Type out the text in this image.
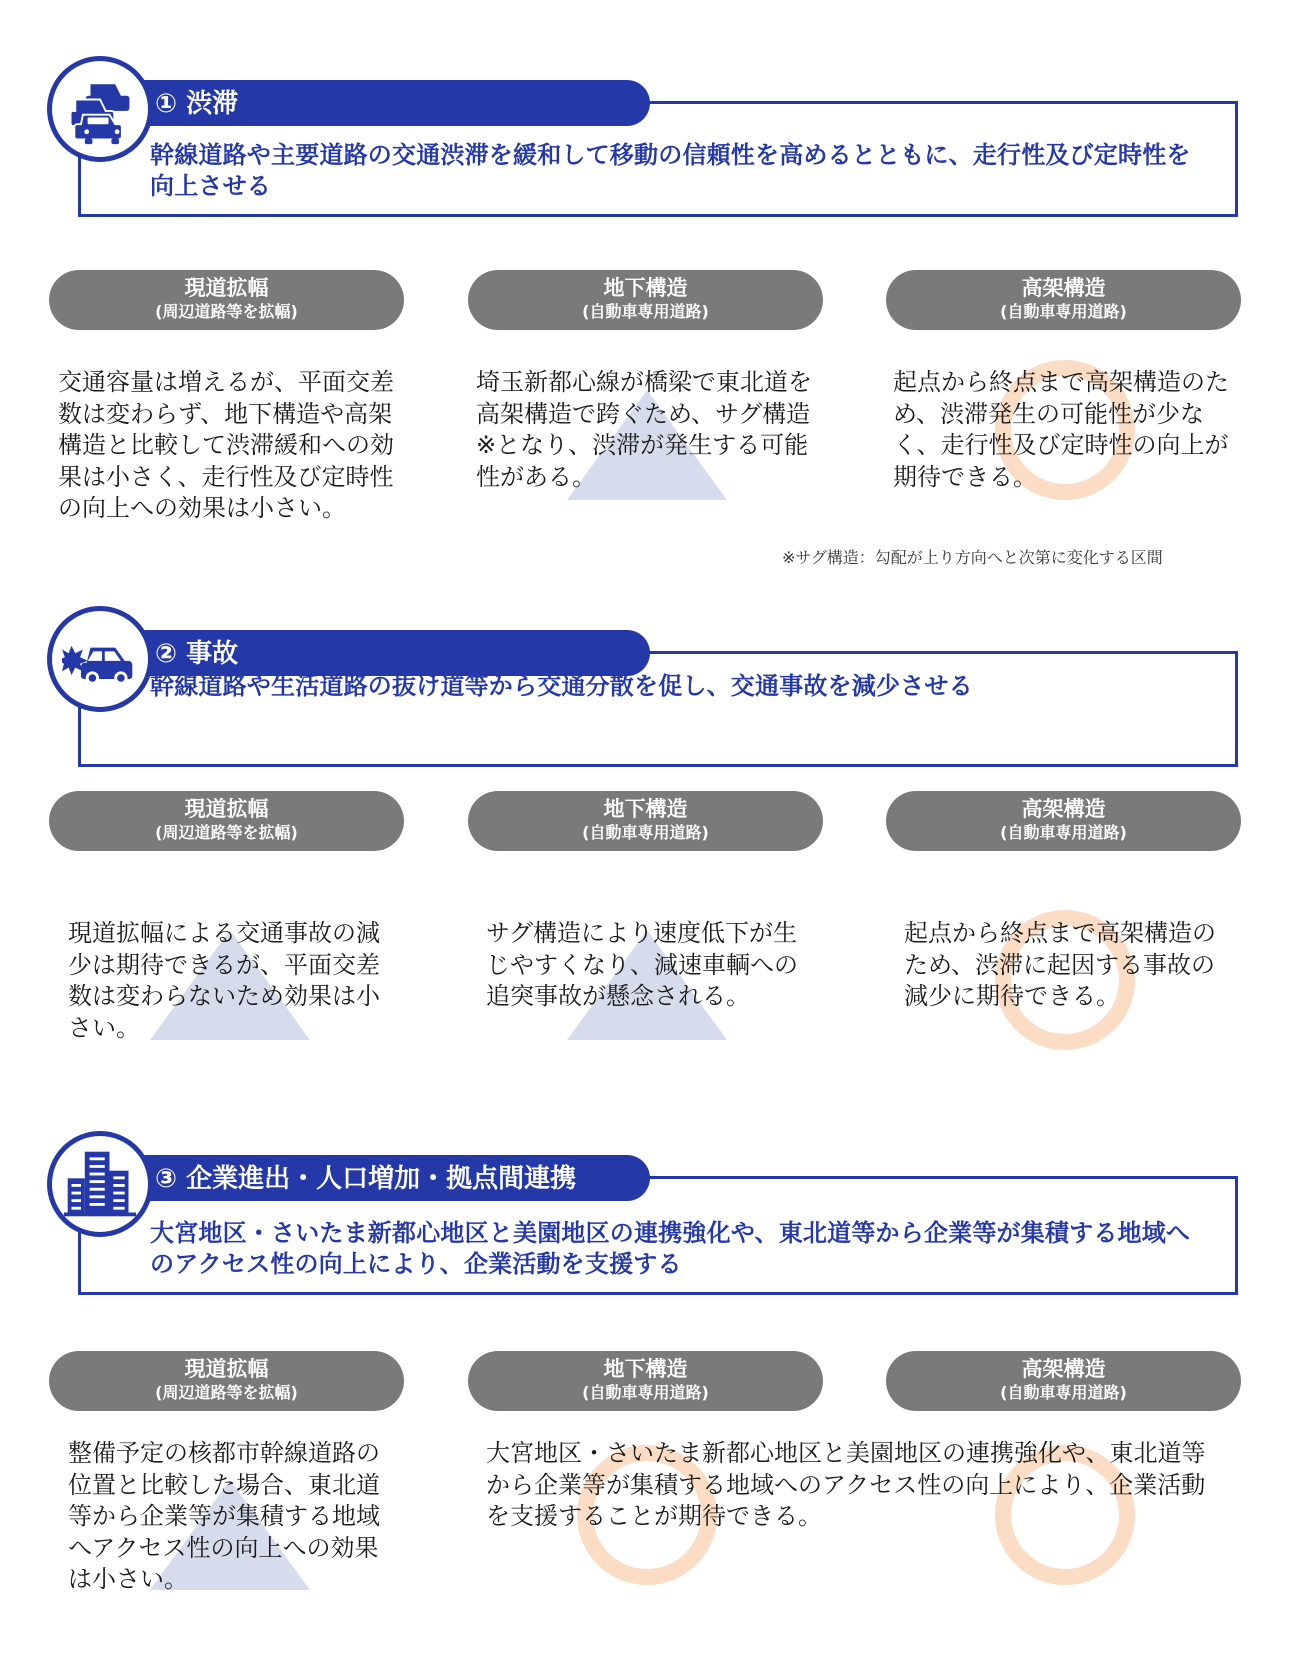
① 渋滞
幹線道路や主要道路の交通渋滞を緩和して移動の信頼性を高めるとともに、走行性及び定時性を向上させる
現道拡幅
(周辺道路等を拡幅)
地下構造
(自動車専用道路)
高架構造
(自動車専用道路)
交通容量は増えるが、平面交差数は変わらず、地下構造や高架構造と比較して渋滞緩和への効果は小さく、走行性及び定時性の向上への効果は小さい。
埼玉新都心線が橋梁で東北道を高架構造で跨ぐため、サグ構造※となり、渋滞が発生する可能性がある。
起点から終点まで高架構造のため、渋滞発生の可能性が少なく、走行性及び定時性の向上が期待できる。
※サグ構造：勾配が上り方向へと次第に変化する区間
② 事故
幹線道路や生活道路の抜け道等から交通分散を促し、交通事故を減少させる
現道拡幅
(周辺道路等を拡幅)
地下構造
(自動車専用道路)
高架構造
(自動車専用道路)
現道拡幅による交通事故の減少は期待できるが、平面交差数は変わらないため効果は小さい。
サグ構造により速度低下が生じやすくなり、減速車輌への追突事故が懸念される。
起点から終点まで高架構造のため、渋滞に起因する事故の減少に期待できる。
③ 企業進出・人口増加・拠点間連携
大宮地区・さいたま新都心地区と美園地区の連携強化や、東北道等から企業等が集積する地域へのアクセス性の向上により、企業活動を支援する
現道拡幅
(周辺道路等を拡幅)
地下構造
(自動車専用道路)
高架構造
(自動車専用道路)
整備予定の核都市幹線道路の位置と比較した場合、東北道等から企業等が集積する地域へアクセス性の向上への効果は小さい。
大宮地区・さいたま新都心地区と美園地区の連携強化や、東北道等から企業等が集積する地域へのアクセス性の向上により、企業活動を支援することが期待できる。
